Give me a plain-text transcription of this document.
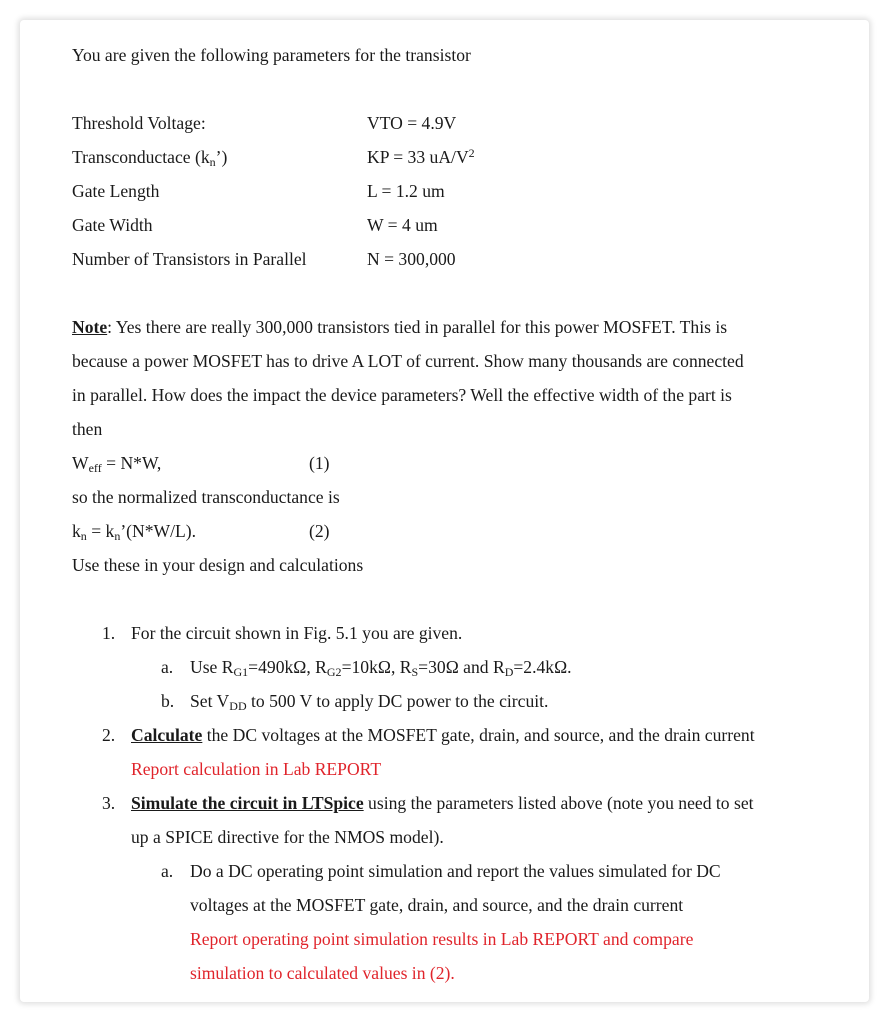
You are given the following parameters for the transistor
Threshold Voltage:	VTO = 4.9V
Transconductace $(k_n’)$	KP = 33 $uA/V^2$
Gate Length	L = 1.2 um
Gate Width	W = 4 um
Number of Transistors in Parallel	N = 300,000
Note: Yes there are really 300,000 transistors tied in parallel for this power MOSFET. This is
because a power MOSFET has to drive A LOT of current. Show many thousands are connected
in parallel. How does the impact the device parameters? Well the effective width of the part is
then
$W_{eff} = N*W$,	(1)
so the normalized transconductance is
$k_n$ = $k_n’(N*W/L)$.	(2)
Use these in your design and calculations
1. For the circuit shown in Fig. 5.1 you are given.
a. Use $R_{G1}=490k\Omega$, $R_{G2}=10k\Omega$, $R_S=30\Omega$ and $R_D=2.4k\Omega$.
b. Set $V_{DD}$ to 500 V to apply DC power to the circuit.
2. Calculate the DC voltages at the MOSFET gate, drain, and source, and the drain current
Report calculation in Lab REPORT
3. Simulate the circuit in LTSpice using the parameters listed above (note you need to set
up a SPICE directive for the NMOS model).
a. Do a DC operating point simulation and report the values simulated for DC
voltages at the MOSFET gate, drain, and source, and the drain current
Report operating point simulation results in Lab REPORT and compare
simulation to calculated values in (2).
